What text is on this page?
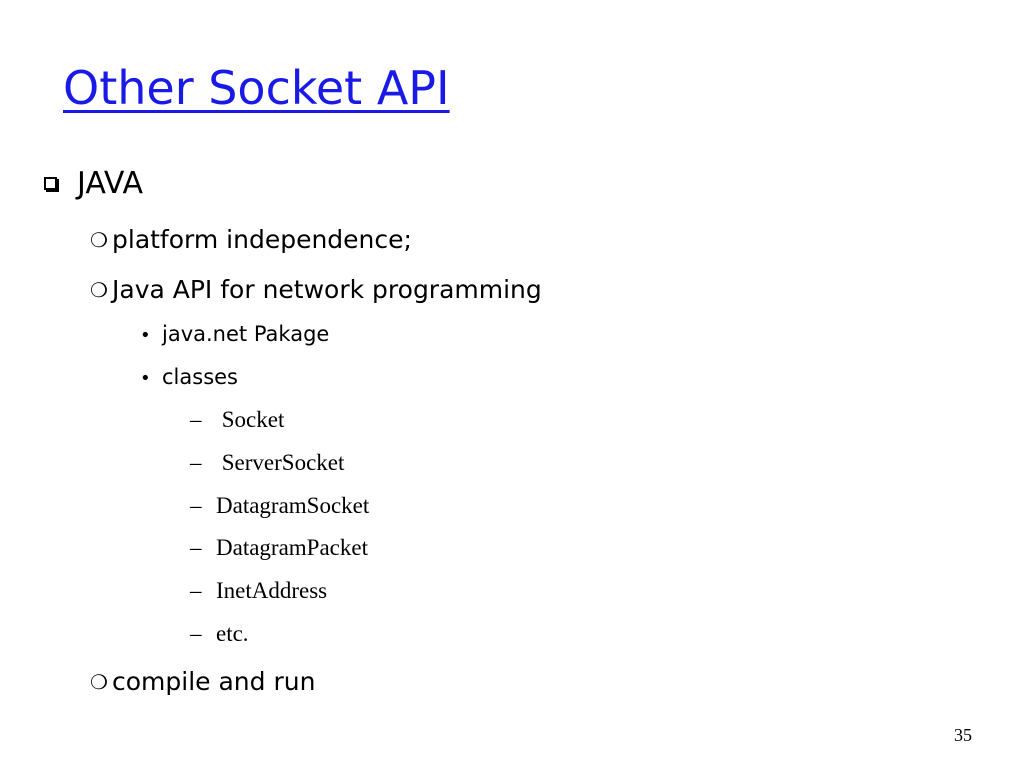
Other Socket API
JAVA
❍ platform independence;
❍ Java API for network programming
• java.net Pakage
• classes
– Socket
– ServerSocket
– DatagramSocket
– DatagramPacket
– InetAddress
– etc.
❍ compile and run
35
